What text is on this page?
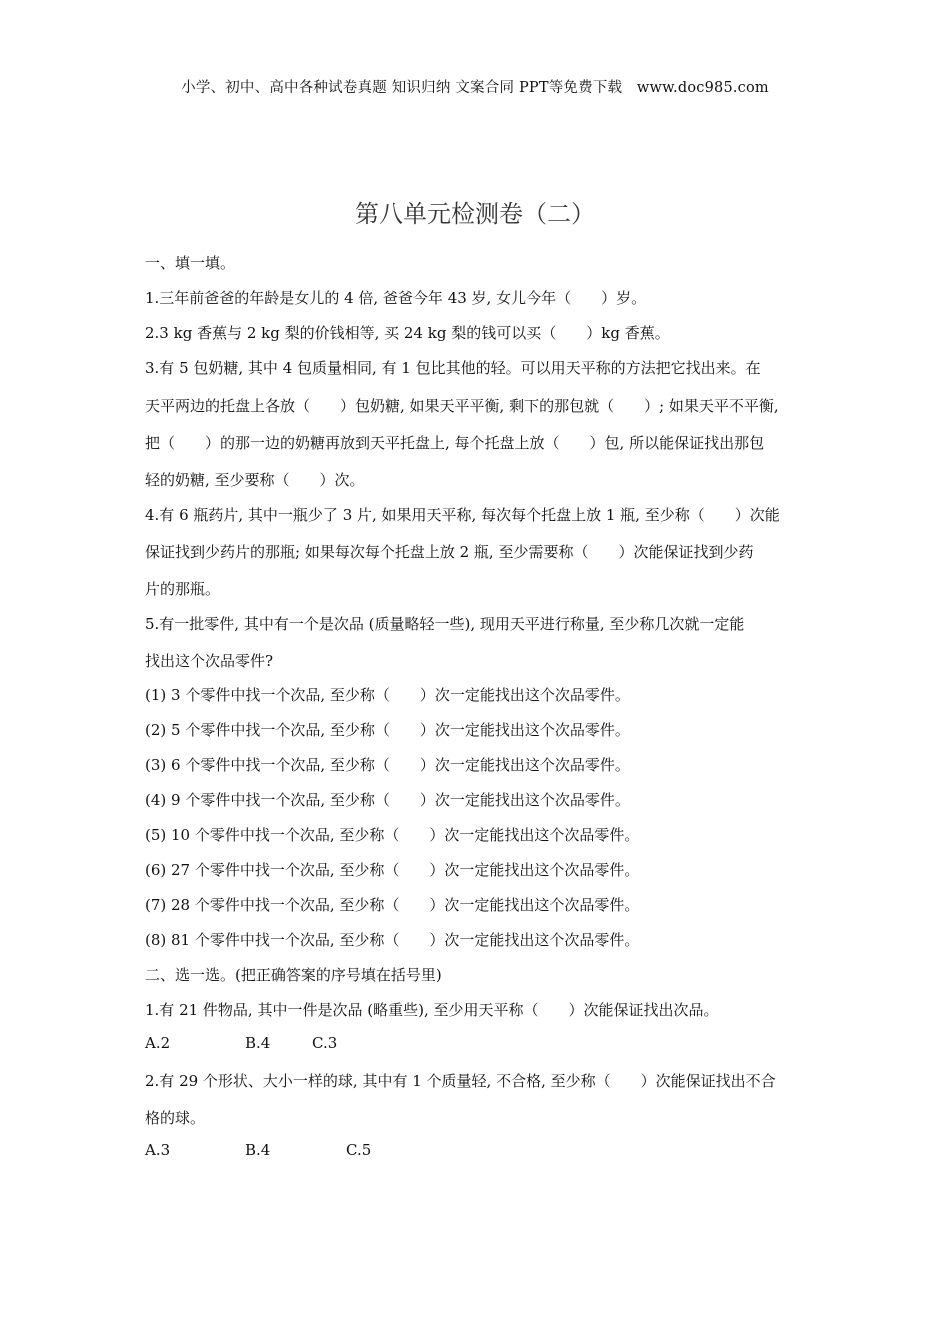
小学、初中、高中各种试卷真题 知识归纳 文案合同 PPT等免费下载　www.doc985.com
第八单元检测卷（二）
一、填一填。
1.三年前爸爸的年龄是女儿的 4 倍, 爸爸今年 43 岁, 女儿今年（　　）岁。
2.3 kg 香蕉与 2 kg 梨的价钱相等, 买 24 kg 梨的钱可以买（　　）kg 香蕉。
3.有 5 包奶糖, 其中 4 包质量相同, 有 1 包比其他的轻。可以用天平称的方法把它找出来。在
天平两边的托盘上各放（　　）包奶糖, 如果天平平衡, 剩下的那包就（　　）; 如果天平不平衡,
把（　　）的那一边的奶糖再放到天平托盘上, 每个托盘上放（　　）包, 所以能保证找出那包
轻的奶糖, 至少要称（　　）次。
4.有 6 瓶药片, 其中一瓶少了 3 片, 如果用天平称, 每次每个托盘上放 1 瓶, 至少称（　　）次能
保证找到少药片的那瓶; 如果每次每个托盘上放 2 瓶, 至少需要称（　　）次能保证找到少药
片的那瓶。
5.有一批零件, 其中有一个是次品 (质量略轻一些), 现用天平进行称量, 至少称几次就一定能
找出这个次品零件?
(1) 3 个零件中找一个次品, 至少称（　　）次一定能找出这个次品零件。
(2) 5 个零件中找一个次品, 至少称（　　）次一定能找出这个次品零件。
(3) 6 个零件中找一个次品, 至少称（　　）次一定能找出这个次品零件。
(4) 9 个零件中找一个次品, 至少称（　　）次一定能找出这个次品零件。
(5) 10 个零件中找一个次品, 至少称（　　）次一定能找出这个次品零件。
(6) 27 个零件中找一个次品, 至少称（　　）次一定能找出这个次品零件。
(7) 28 个零件中找一个次品, 至少称（　　）次一定能找出这个次品零件。
(8) 81 个零件中找一个次品, 至少称（　　）次一定能找出这个次品零件。
二、选一选。(把正确答案的序号填在括号里)
1.有 21 件物品, 其中一件是次品 (略重些), 至少用天平称（　　）次能保证找出次品。
A.2	B.4	C.3
2.有 29 个形状、大小一样的球, 其中有 1 个质量轻, 不合格, 至少称（　　）次能保证找出不合
格的球。
A.3	B.4	C.5
